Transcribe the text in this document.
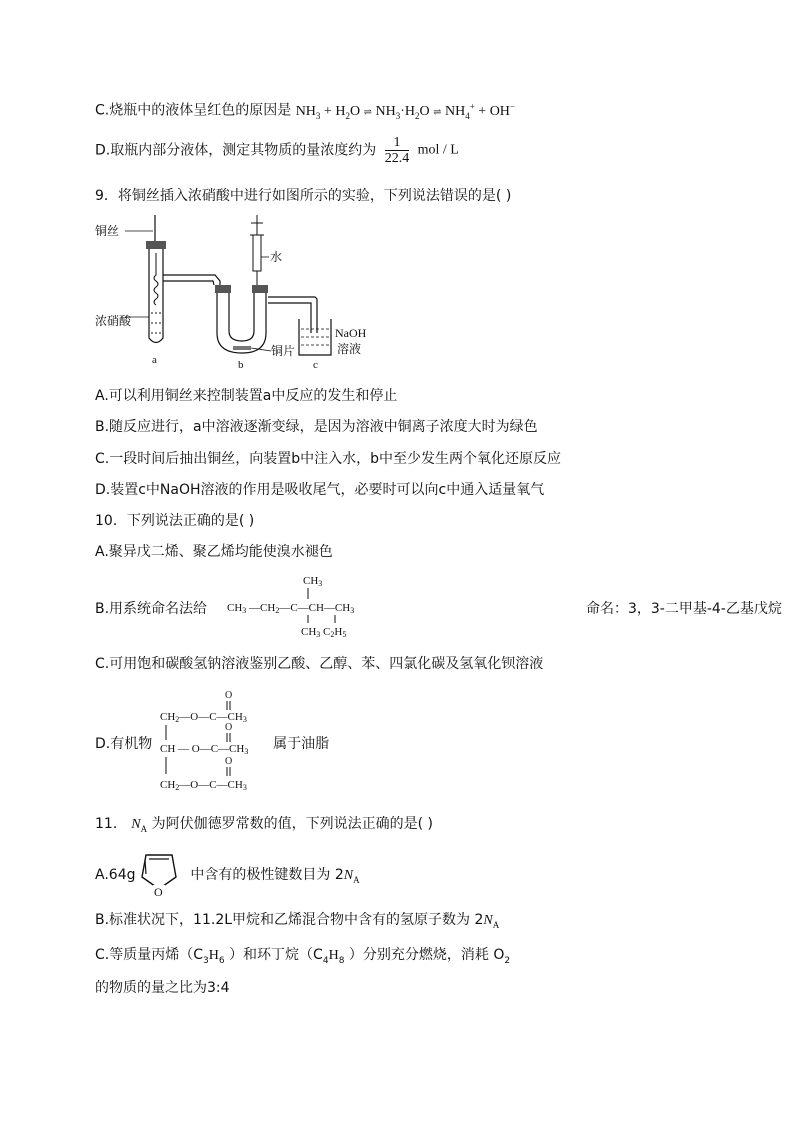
C.烧瓶中的液体呈红色的原因是 $NH_3 + H_2O$ ⇌ $NH_3\cdot H_2O$ ⇌ $NH_4^+ + OH^-$
D.取瓶内部分液体，测定其物质的量浓度约为 $\frac{1}{22.4}$ mol / L
9．将铜丝插入浓硝酸中进行如图所示的实验，下列说法错误的是( )
铜丝
浓硝酸
a
铜片
b
水
NaOH
溶液
c
A.可以利用铜丝来控制装置a中反应的发生和停止
B.随反应进行，a中溶液逐渐变绿，是因为溶液中铜离子浓度大时为绿色
C.一段时间后抽出铜丝，向装置b中注入水，b中至少发生两个氧化还原反应
D.装置c中NaOH溶液的作用是吸收尾气，必要时可以向c中通入适量氧气
10．下列说法正确的是( )
A.聚异戊二烯、聚乙烯均能使溴水褪色
B.用系统命名法给	命名：3，3-二甲基-4-乙基戊烷
CH3
CH3 —CH2—C—CH—CH3
CH3 C2H5
C.可用饱和碳酸氢钠溶液鉴别乙酸、乙醇、苯、四氯化碳及氢氧化钡溶液
D.有机物	属于油脂
O
CH2—O—C—CH3
O
CH — O—C—CH3
O
CH2—O—C—CH3
11． $N_A$ 为阿伏伽德罗常数的值，下列说法正确的是( )
A.64g	中含有的极性键数目为 $2N_A$
O
B.标准状况下，11.2L甲烷和乙烯混合物中含有的氢原子数为 $2N_A$
C.等质量丙烯（$C_3H_6$ ）和环丁烷（$C_4H_8$ ）分别充分燃烧，消耗 $O_2$
的物质的量之比为3:4
